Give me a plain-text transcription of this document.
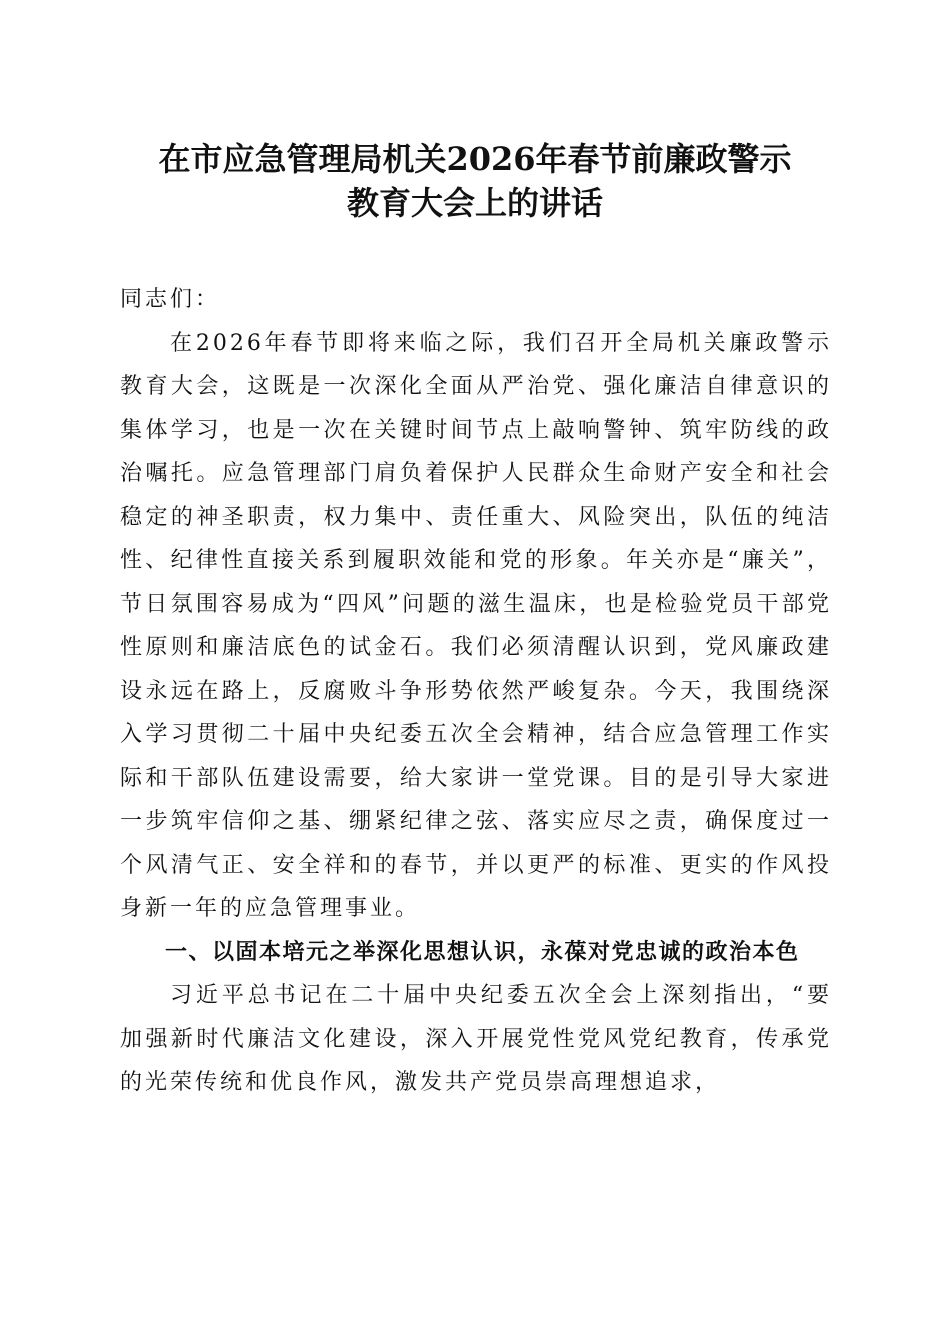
在市应急管理局机关2026年春节前廉政警示
教育大会上的讲话

同志们：

在2026年春节即将来临之际，我们召开全局机关廉政警示教育大会，这既是一次深化全面从严治党、强化廉洁自律意识的集体学习，也是一次在关键时间节点上敲响警钟、筑牢防线的政治嘱托。应急管理部门肩负着保护人民群众生命财产安全和社会稳定的神圣职责，权力集中、责任重大、风险突出，队伍的纯洁性、纪律性直接关系到履职效能和党的形象。年关亦是“廉关”，节日氛围容易成为“四风”问题的滋生温床，也是检验党员干部党性原则和廉洁底色的试金石。我们必须清醒认识到，党风廉政建设永远在路上，反腐败斗争形势依然严峻复杂。今天，我围绕深入学习贯彻二十届中央纪委五次全会精神，结合应急管理工作实际和干部队伍建设需要，给大家讲一堂党课。目的是引导大家进一步筑牢信仰之基、绷紧纪律之弦、落实应尽之责，确保度过一个风清气正、安全祥和的春节，并以更严的标准、更实的作风投身新一年的应急管理事业。

一、以固本培元之举深化思想认识，永葆对党忠诚的政治本色

习近平总书记在二十届中央纪委五次全会上深刻指出，“要加强新时代廉洁文化建设，深入开展党性党风党纪教育，传承党的光荣传统和优良作风，激发共产党员崇高理想追求，
